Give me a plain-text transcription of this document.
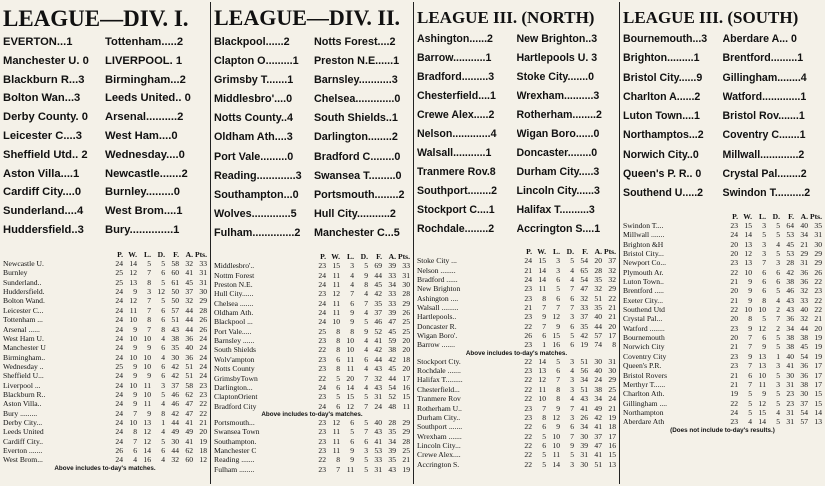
LEAGUE—DIV. I.
EVERTON...1	Tottenham.....2
Manchester U. 0	LIVERPOOL. 1
Blackburn R...3	Birmingham...2
Bolton Wan...3	Leeds United.. 0
Derby County. 0	Arsenal..........2
Leicester C....3	West Ham....0
Sheffield Utd.. 2	Wednesday....0
Aston Villa....1	Newcastle.......2
Cardiff City....0	Burnley.........0
Sunderland....4	West Brom....1
Huddersfield..3	Bury..............1
P. W. L. D.	F. A. Pts.
Newcastle U.	24 14	5	5 58 32 33
Burnley	25 12	7	6 60 41 31
Sunderland..	25 13	8	5 61 45 31
Huddersfield.	24	9	3 12 50 37 30
Bolton Wand.	24 12	7	5 50 32 29
Leicester C...	24 11	7	6 57 44 28
Tottenham ...	24 10	8	6 51 44 26
Arsenal ......	24	9	7	8 43 44 26
West Ham U.	24 10 10	4 38 36 24
Manchester U	24	9	9	6 35 40 24
Birmingham..	24 10 10	4 30 36 24
Wednesday ..	25	9 10	6 42 51 24
Sheffield U...	24	9	9	6 42 51 24
Liverpool ...	24 10 11	3 37 58 23
Blackburn R..	24	9 10	5 46 62 23
Aston Villa..	24	9 11	4 46 47 22
Bury .........	24	7	9	8 42 47 22
Derby City...	24 10 13	1 44 41 21
Leeds United	24	8 12	4 49 49 20
Cardiff City..	24	7 12	5 30 41 19
Everton .......	26	6 14	6 44 62 18
West Brom...	24	4 16	4 32 60 12
Above includes to-day's matches.
LEAGUE—DIV. II.
Blackpool......2	Notts Forest....2
Clapton O.........1	Preston N.E......1
Grimsby T.......1	Barnsley...........3
Middlesbro'....0	Chelsea.............0
Notts County..4	South Shields..1
Oldham Ath....3	Darlington........2
Port Vale.........0	Bradford C........0
Reading.............3	Swansea T.........0
Southampton...0	Portsmouth........2
Wolves.............5	Hull City...........2
Fulham..............2	Manchester C...5
P. W. L. D.	F. A. Pts.
Middlesbro'..	23 15	3	5 69 39 33
Nottm Forest	24 11	4	9 44 33 31
Preston N.E.	24 11	4	8 45 34 30
Hull City......	23 12	7	4 42 33 28
Chelsea .......	24 11	6	7 35 33 29
Oldham Ath.	24 11	9	4 37 39 26
Blackpool ...	24 10	9	5 46 47 25
Port Vale.....	25	8	8	9 52 45 25
Barnsley ......	23	8 10	4 41 59 20
South Shields	22	8 10	4 42 38 20
Wolv'ampton	23	6 11	6 44 42 18
Notts County	23	8 11	4 43 45 20
GrimsbyTown	22	5 20	7 32 44 17
Darlington...	24	6 14	4 43 54 16
ClaptonOrient	23	5 15	5 31 52 15
Bradford City	24	6 12	7 24 48 11
Above includes to-day's matches.
Portsmouth...	23 12	6	5 40 28 29
Swansea Town	23 11	5	7 43 35 29
Southampton.	23 11	6	6 41 34 28
Manchester C	23 11	9	3 53 39 25
Reading .......	22	8	9	5 33 35 21
Fulham ........	23	7 11	5 31 43 19
LEAGUE III. (NORTH)
Ashington......2	New Brighton..3
Barrow...........1	Hartlepools U. 3
Bradford.........3	Stoke City.......0
Chesterfield....1	Wrexham..........3
Crewe Alex.....2	Rotherham........2
Nelson.............4	Wigan Boro......0
Walsall...........1	Doncaster........0
Tranmere Rov.8	Durham City.....3
Southport........2	Lincoln City......3
Stockport C....1	Halifax T..........3
Rochdale........2	Accrington S....1
P. W. L. D.	F. A. Pts.
Stoke City ...	24 15	3	5 54 20 37
Nelson ........	21 14	3	4 65 28 32
Bradford ......	24 14	6	4 54 35 32
New Brighton	23 11	5	7 47 32 29
Ashington ....	23	8	6	6 32 51 22
Walsall .........	21	7	7	7 33 35 21
Hartlepools..	23	9 12	3 37 40 21
Doncaster R.	22	7	9	6 35 44 20
Wigan Boro'.	26	6 15	5 42 57 17
Barrow .......	23	1 16	6 19 74	8
Above includes to-day's matches.
Stockport Cty.	22 14	5	3 51 30 31
Rochdale .......	23 13	6	4 56 40 30
Halifax T.........	22 12	7	3 34 24 29
Chesterfield...	22 11	8	3 51 38 25
Tranmere Rov	22 10	8	4 43 34 24
Rotherham U..	23	7	9	7 41 49 21
Durham City..	23	8 12	3 26 42 19
Southport .......	22	6	9	6 34 41 18
Wrexham .......	22	5 10	7 30 37 17
Lincoln City...	22	6 10	9 39 47 16
Crewe Alex....	22	5 11	5 31 41 15
Accrington S.	22	5 14	3 30 51 13
LEAGUE III. (SOUTH)
Bournemouth...3	Aberdare A... 0
Brighton.........1	Brentford.........1
Bristol City......9	Gillingham........4
Charlton A......2	Watford.............1
Luton Town....1	Bristol Rov.......1
Northamptos...2	Coventry C.......1
Norwich City..0	Millwall.............2
Queen's P. R.. 0	Crystal Pal........2
Southend U.....2	Swindon T..........2
P. W. L. D.	F. A. Pts.
Swindon T....	23 15	3	5 64 40 35
Millwall .......	24 14	5	5 53 34 31
Brighton &H	20 13	3	4 45 21 30
Bristol City...	20 12	3	5 53 29 29
Newport Co...	23 13	7	3 28 31 29
Plymouth Ar.	22 10	6	6 42 36 26
Luton Town..	21	9	6	6 38 36 22
Brentford .....	20	9	6	5 46 32 23
Exeter City...	21	9	8	4 43 33 22
Southend Utd	22 10 10	2 43 40 22
Crystal Pal...	20	8	5	7 36 32 21
Watford ........	23	9 12	2 34 44 20
Bournemouth	20	7	6	5 38 38 19
Norwich City	21	7	9	5 38 45 19
Coventry City	23	9 13	1 40 54 19
Queen's P.R.	23	7 13	3 41 36 17
Bristol Rovers	21	6 10	5 30 36 17
Merthyr T......	21	7 11	3 31 38 17
Charlton Ath.	19	5	9	5 23 30 15
Gillingham ....	22	5 12	5 23 37 15
Northampton	24	5 15	4 31 54 14
Aberdare Ath	23	4 14	5 31 57 13
(Does not include to-day's results.)
